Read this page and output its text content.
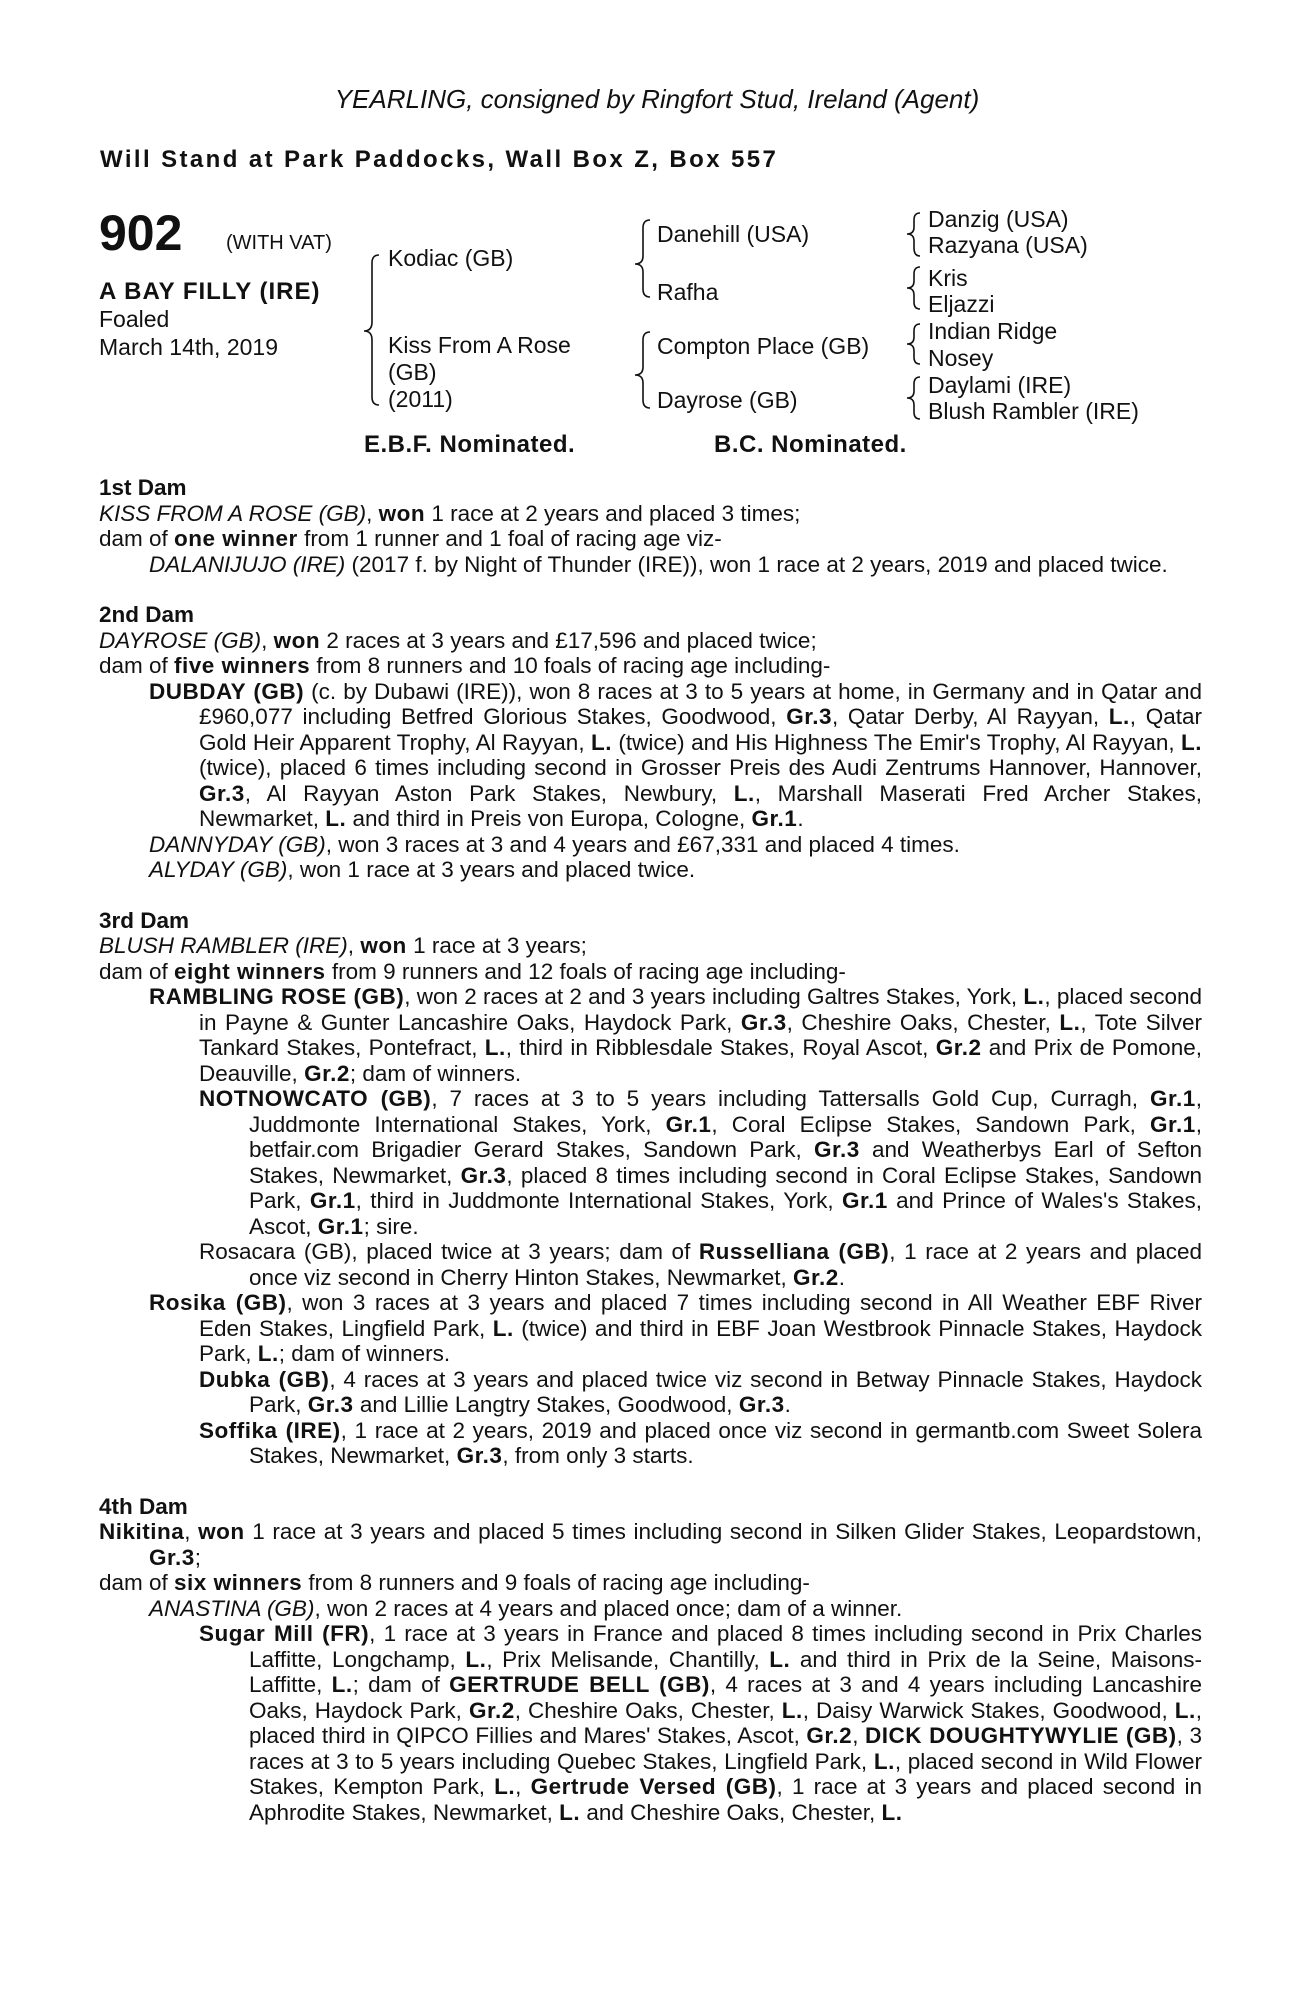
YEARLING, consigned by Ringfort Stud, Ireland (Agent)
Will Stand at Park Paddocks, Wall Box Z, Box 557
902 (WITH VAT)
A BAY FILLY (IRE)
Foaled
March 14th, 2019
Kodiac (GB)
Kiss From A Rose
(GB)
(2011)
Danehill (USA)
Rafha
Compton Place (GB)
Dayrose (GB)
Danzig (USA)
Razyana (USA)
Kris
Eljazzi
Indian Ridge
Nosey
Daylami (IRE)
Blush Rambler (IRE)
E.B.F. Nominated.	B.C. Nominated.
1st Dam
KISS FROM A ROSE (GB), won 1 race at 2 years and placed 3 times;
dam of one winner from 1 runner and 1 foal of racing age viz-
DALANIJUJO (IRE) (2017 f. by Night of Thunder (IRE)), won 1 race at 2 years, 2019 and placed twice.
2nd Dam
DAYROSE (GB), won 2 races at 3 years and £17,596 and placed twice;
dam of five winners from 8 runners and 10 foals of racing age including-
DUBDAY (GB) (c. by Dubawi (IRE)), won 8 races at 3 to 5 years at home, in Germany and in Qatar and £960,077 including Betfred Glorious Stakes, Goodwood, Gr.3, Qatar Derby, Al Rayyan, L., Qatar Gold Heir Apparent Trophy, Al Rayyan, L. (twice) and His Highness The Emir's Trophy, Al Rayyan, L. (twice), placed 6 times including second in Grosser Preis des Audi Zentrums Hannover, Hannover, Gr.3, Al Rayyan Aston Park Stakes, Newbury, L., Marshall Maserati Fred Archer Stakes, Newmarket, L. and third in Preis von Europa, Cologne, Gr.1.
DANNYDAY (GB), won 3 races at 3 and 4 years and £67,331 and placed 4 times.
ALYDAY (GB), won 1 race at 3 years and placed twice.
3rd Dam
BLUSH RAMBLER (IRE), won 1 race at 3 years;
dam of eight winners from 9 runners and 12 foals of racing age including-
RAMBLING ROSE (GB), won 2 races at 2 and 3 years including Galtres Stakes, York, L., placed second in Payne & Gunter Lancashire Oaks, Haydock Park, Gr.3, Cheshire Oaks, Chester, L., Tote Silver Tankard Stakes, Pontefract, L., third in Ribblesdale Stakes, Royal Ascot, Gr.2 and Prix de Pomone, Deauville, Gr.2; dam of winners.
NOTNOWCATO (GB), 7 races at 3 to 5 years including Tattersalls Gold Cup, Curragh, Gr.1, Juddmonte International Stakes, York, Gr.1, Coral Eclipse Stakes, Sandown Park, Gr.1, betfair.com Brigadier Gerard Stakes, Sandown Park, Gr.3 and Weatherbys Earl of Sefton Stakes, Newmarket, Gr.3, placed 8 times including second in Coral Eclipse Stakes, Sandown Park, Gr.1, third in Juddmonte International Stakes, York, Gr.1 and Prince of Wales's Stakes, Ascot, Gr.1; sire.
Rosacara (GB), placed twice at 3 years; dam of Russelliana (GB), 1 race at 2 years and placed once viz second in Cherry Hinton Stakes, Newmarket, Gr.2.
Rosika (GB), won 3 races at 3 years and placed 7 times including second in All Weather EBF River Eden Stakes, Lingfield Park, L. (twice) and third in EBF Joan Westbrook Pinnacle Stakes, Haydock Park, L.; dam of winners.
Dubka (GB), 4 races at 3 years and placed twice viz second in Betway Pinnacle Stakes, Haydock Park, Gr.3 and Lillie Langtry Stakes, Goodwood, Gr.3.
Soffika (IRE), 1 race at 2 years, 2019 and placed once viz second in germantb.com Sweet Solera Stakes, Newmarket, Gr.3, from only 3 starts.
4th Dam
Nikitina, won 1 race at 3 years and placed 5 times including second in Silken Glider Stakes, Leopardstown, Gr.3;
dam of six winners from 8 runners and 9 foals of racing age including-
ANASTINA (GB), won 2 races at 4 years and placed once; dam of a winner.
Sugar Mill (FR), 1 race at 3 years in France and placed 8 times including second in Prix Charles Laffitte, Longchamp, L., Prix Melisande, Chantilly, L. and third in Prix de la Seine, Maisons-Laffitte, L.; dam of GERTRUDE BELL (GB), 4 races at 3 and 4 years including Lancashire Oaks, Haydock Park, Gr.2, Cheshire Oaks, Chester, L., Daisy Warwick Stakes, Goodwood, L., placed third in QIPCO Fillies and Mares' Stakes, Ascot, Gr.2, DICK DOUGHTYWYLIE (GB), 3 races at 3 to 5 years including Quebec Stakes, Lingfield Park, L., placed second in Wild Flower Stakes, Kempton Park, L., Gertrude Versed (GB), 1 race at 3 years and placed second in Aphrodite Stakes, Newmarket, L. and Cheshire Oaks, Chester, L.
